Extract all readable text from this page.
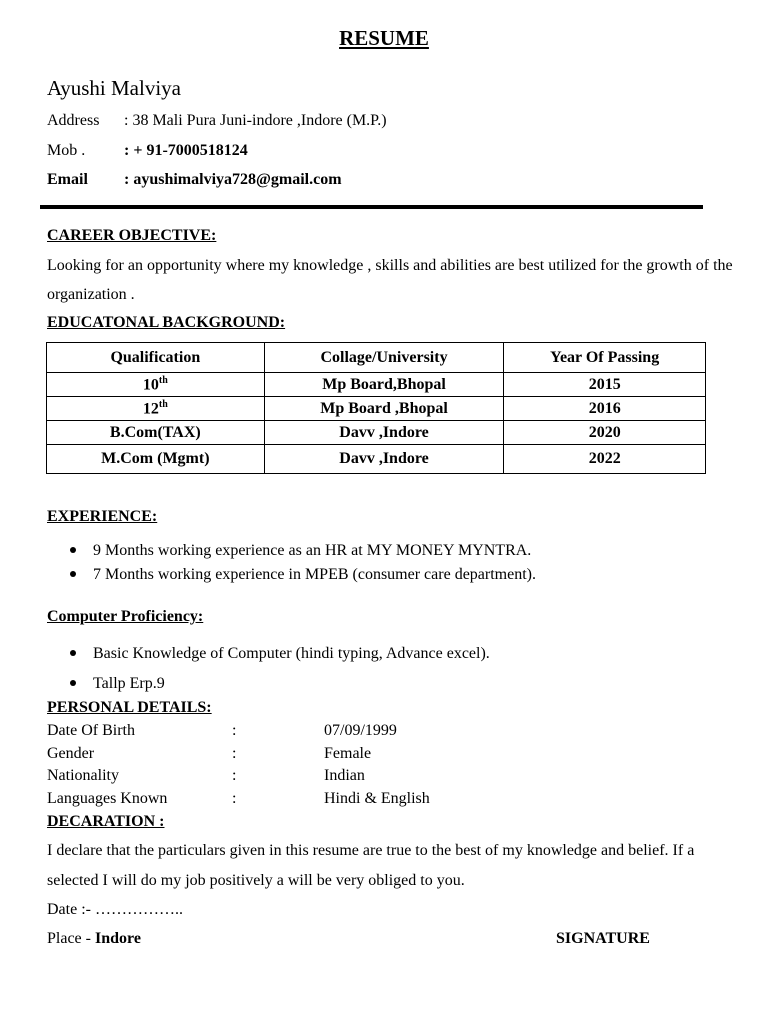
RESUME
Ayushi Malviya
Address : 38 Mali Pura Juni-indore ,Indore (M.P.)
Mob . : + 91-7000518124
Email : ayushimalviya728@gmail.com
CAREER OBJECTIVE:
Looking for an opportunity where my knowledge , skills and abilities are best utilized for the growth of the organization .
EDUCATONAL BACKGROUND:
Qualification	Collage/University	Year Of Passing
10th	Mp Board,Bhopal	2015
12th	Mp Board ,Bhopal	2016
B.Com(TAX)	Davv ,Indore	2020
M.Com (Mgmt)	Davv ,Indore	2022
EXPERIENCE:
9 Months working experience as an HR at MY MONEY MYNTRA.
7 Months working experience in MPEB (consumer care department).
Computer Proficiency:
Basic Knowledge of Computer (hindi typing, Advance excel).
Tallp Erp.9
PERSONAL DETAILS:
Date Of Birth	:	07/09/1999
Gender	:	Female
Nationality	:	Indian
Languages Known	:	Hindi & English
DECARATION :
I declare that the particulars given in this resume are true to the best of my knowledge and belief. If a selected I will do my job positively a will be very obliged to you.
Date :- ……………..
Place - Indore	SIGNATURE
